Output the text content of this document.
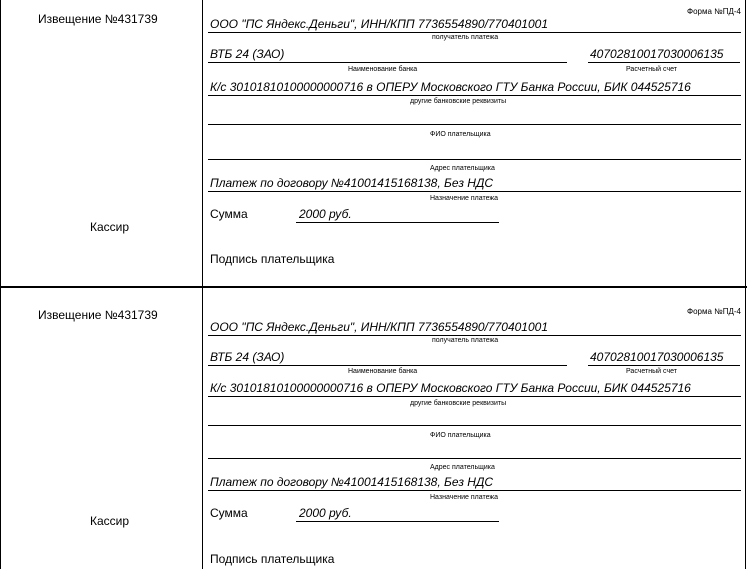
Извещение №431739
Кассир
Форма №ПД-4
ООО "ПС Яндекс.Деньги", ИНН/КПП 7736554890/770401001
получатель платежа
ВТБ 24 (ЗАО)	40702810017030006135
Наименование банка	Расчетный счет
К/с 30101810100000000716 в ОПЕРУ Московского ГТУ Банка России, БИК 044525716
другие банковские реквизиты
ФИО плательщика
Адрес плательщика
Платеж по договору №41001415168138, Без НДС
Назначение платежа
Сумма	2000 руб.
Подпись плательщика
Извещение №431739
Кассир
Форма №ПД-4
ООО "ПС Яндекс.Деньги", ИНН/КПП 7736554890/770401001
получатель платежа
ВТБ 24 (ЗАО)	40702810017030006135
Наименование банка	Расчетный счет
К/с 30101810100000000716 в ОПЕРУ Московского ГТУ Банка России, БИК 044525716
другие банковские реквизиты
ФИО плательщика
Адрес плательщика
Платеж по договору №41001415168138, Без НДС
Назначение платежа
Сумма	2000 руб.
Подпись плательщика
